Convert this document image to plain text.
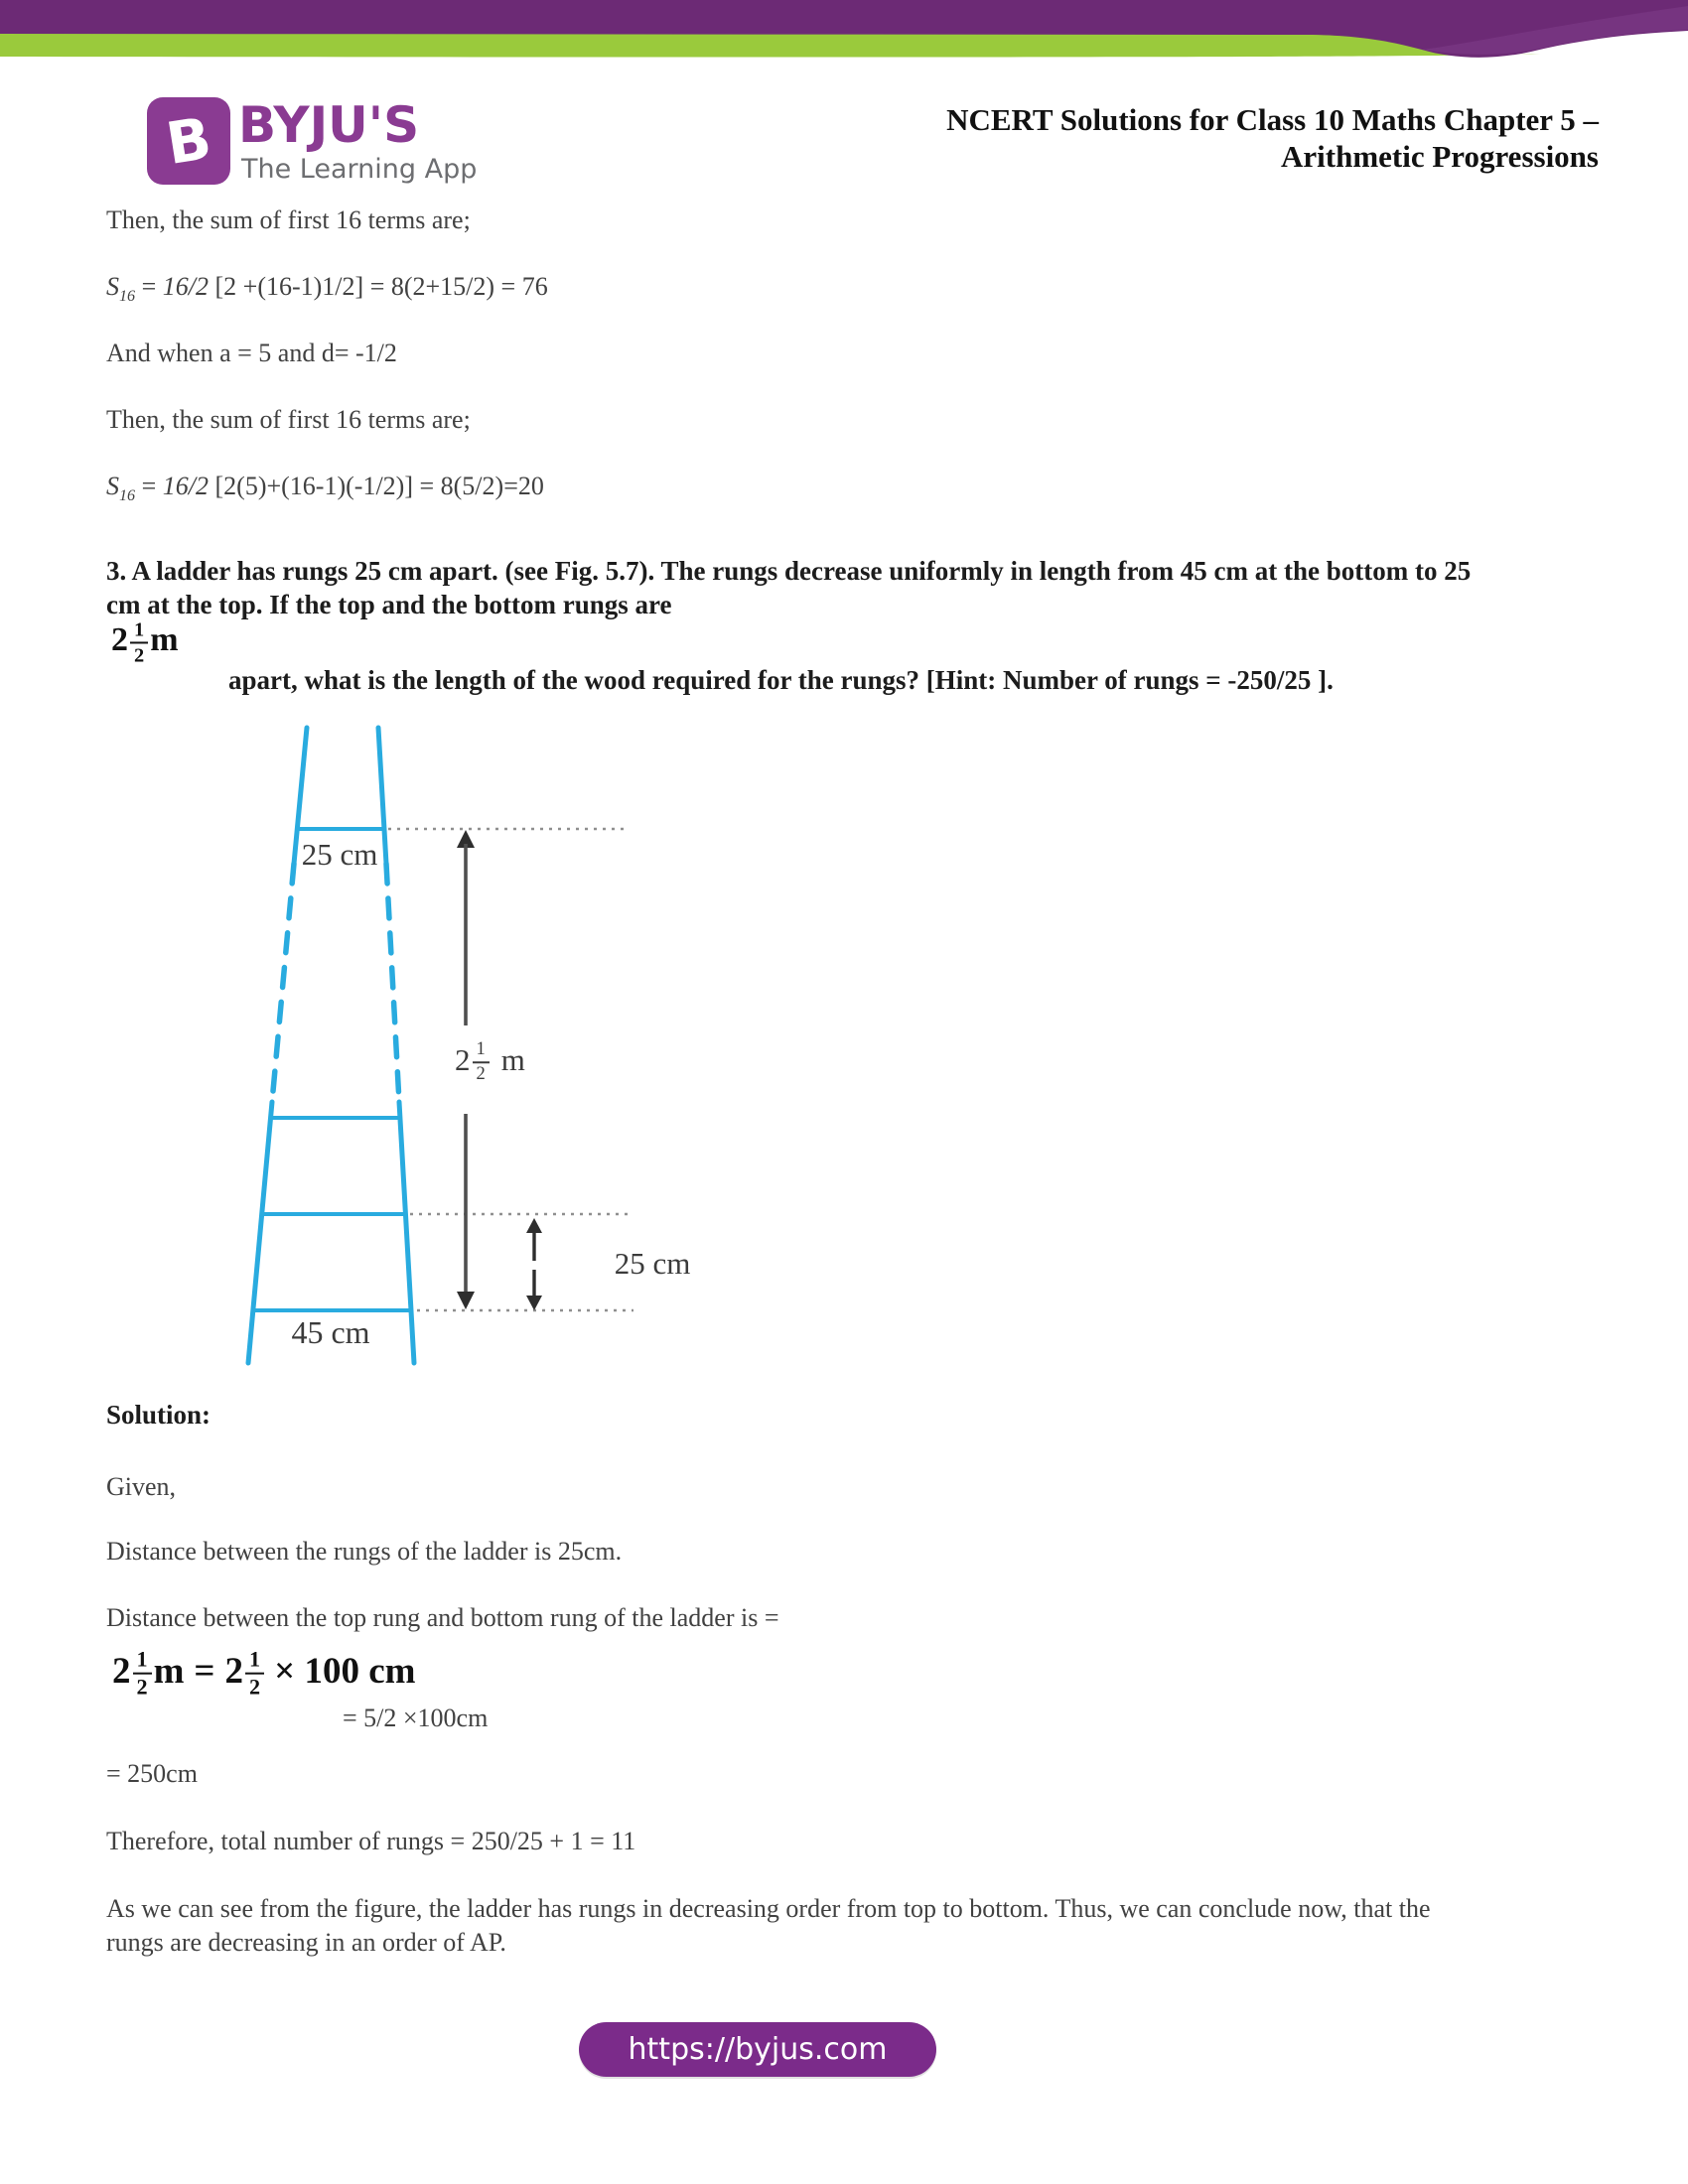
B BYJU'S
The Learning App
NCERT Solutions for Class 10 Maths Chapter 5 –
Arithmetic Progressions
Then, the sum of first 16 terms are;
$S_{16} = 16/2$ [2 +(16-1)1/2] = 8(2+15/2) = 76
And when a = 5 and d= -1/2
Then, the sum of first 16 terms are;
$S_{16} = 16/2$ [2(5)+(16-1)(-1/2)] = 8(5/2)=20
3. A ladder has rungs 25 cm apart. (see Fig. 5.7). The rungs decrease uniformly in length from 45 cm at the bottom to 25 cm at the top. If the top and the bottom rungs are
$2 \frac{1}{2}$ m
apart, what is the length of the wood required for the rungs? [Hint: Number of rungs = -250/25 ].
25 cm
45 cm
25 cm
$2 \frac{1}{2}$ m
Solution:
Given,
Distance between the rungs of the ladder is 25cm.
Distance between the top rung and bottom rung of the ladder is =
$2 \frac{1}{2}$ $m = 2 \frac{1}{2} \times 100$ cm
= 5/2 ×100cm
= 250cm
Therefore, total number of rungs = 250/25 + 1 = 11
As we can see from the figure, the ladder has rungs in decreasing order from top to bottom. Thus, we can conclude now, that the rungs are decreasing in an order of AP.
https://byjus.com
